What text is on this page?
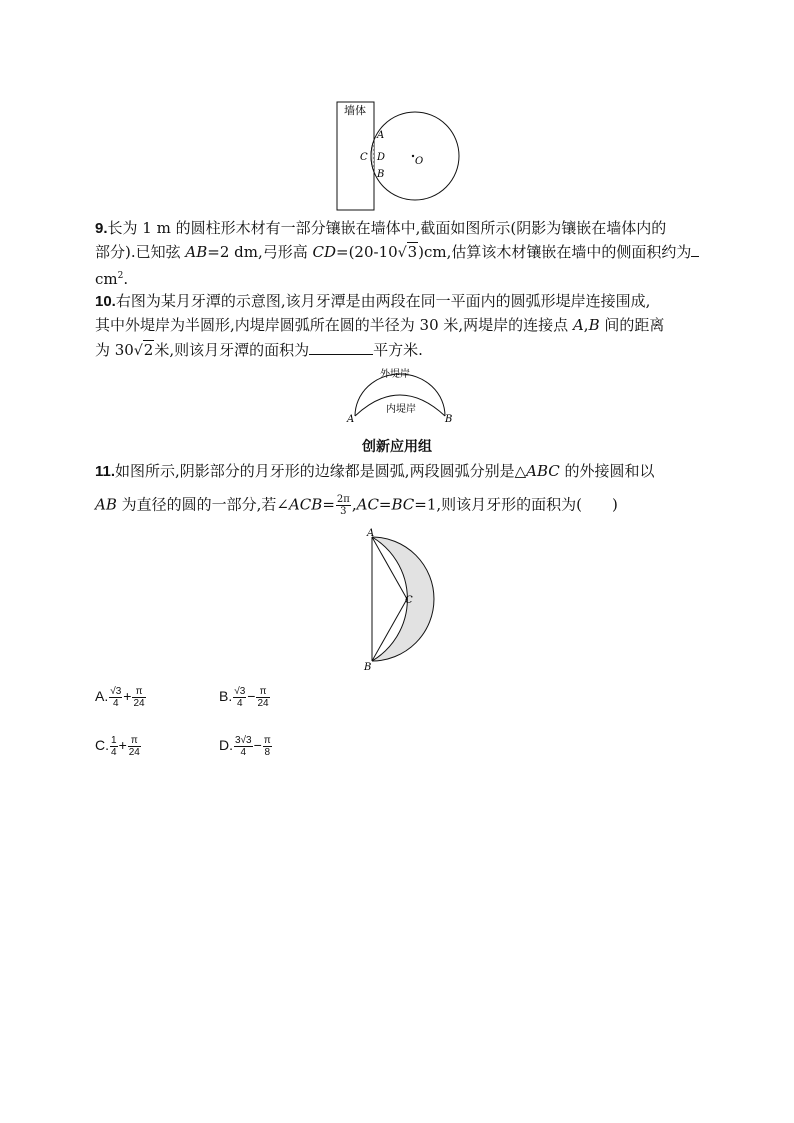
墙体
A
C D
B
O
9.长为 1 m 的圆柱形木材有一部分镶嵌在墙体中,截面如图所示(阴影为镶嵌在墙体内的
部分).已知弦 AB=2 dm,弓形高 CD=(20-10√3)cm,估算该木材镶嵌在墙中的侧面积约为
$cm^2$.
10.右图为某月牙潭的示意图,该月牙潭是由两段在同一平面内的圆弧形堤岸连接围成,
其中外堤岸为半圆形,内堤岸圆弧所在圆的半径为 30 米,两堤岸的连接点 A,B 间的距离
为 30√2米,则该月牙潭的面积为	平方米.
外堤岸
内堤岸
A	B
创新应用组
11.如图所示,阴影部分的月牙形的边缘都是圆弧,两段圆弧分别是△ABC 的外接圆和以
AB 为直径的圆的一部分,若∠ACB= $\frac{2\pi}{3} ,AC=BC=1$,则该月牙形的面积为(　　)
A
B
C
A. $\frac{√3}{4} + \frac{\pi}{24}$	B. $\frac{√3}{4} - \frac{\pi}{24}$
C. $\frac{1}{4} + \frac{\pi}{24}$	D. $\frac{3√3}{4} - \frac{\pi}{8}$
